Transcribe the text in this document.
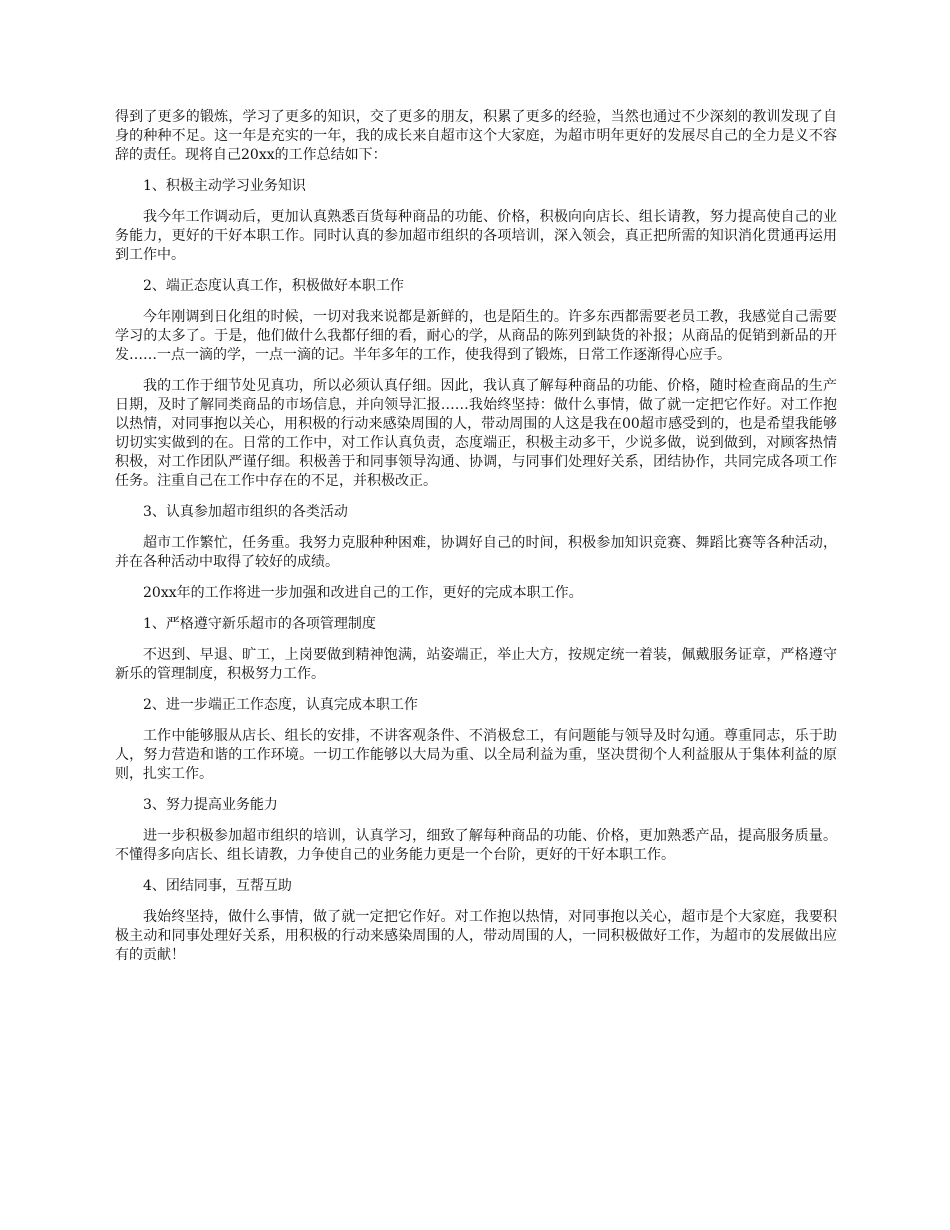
得到了更多的锻炼，学习了更多的知识，交了更多的朋友，积累了更多的经验，当然也通过不少深刻的教训发现了自身的种种不足。这一年是充实的一年，我的成长来自超市这个大家庭，为超市明年更好的发展尽自己的全力是义不容辞的责任。现将自己20xx的工作总结如下：

1、积极主动学习业务知识

我今年工作调动后，更加认真熟悉百货每种商品的功能、价格，积极向向店长、组长请教，努力提高使自己的业务能力，更好的干好本职工作。同时认真的参加超市组织的各项培训，深入领会，真正把所需的知识消化贯通再运用到工作中。

2、端正态度认真工作，积极做好本职工作

今年刚调到日化组的时候，一切对我来说都是新鲜的，也是陌生的。许多东西都需要老员工教，我感觉自己需要学习的太多了。于是，他们做什么我都仔细的看，耐心的学，从商品的陈列到缺货的补报；从商品的促销到新品的开发……一点一滴的学，一点一滴的记。半年多年的工作，使我得到了锻炼，日常工作逐渐得心应手。

我的工作于细节处见真功，所以必须认真仔细。因此，我认真了解每种商品的功能、价格，随时检查商品的生产日期，及时了解同类商品的市场信息，并向领导汇报……我始终坚持：做什么事情，做了就一定把它作好。对工作抱以热情，对同事抱以关心，用积极的行动来感染周围的人，带动周围的人这是我在00超市感受到的，也是希望我能够切切实实做到的在。日常的工作中，对工作认真负责，态度端正，积极主动多干，少说多做，说到做到，对顾客热情积极，对工作团队严谨仔细。积极善于和同事领导沟通、协调，与同事们处理好关系，团结协作，共同完成各项工作任务。注重自己在工作中存在的不足，并积极改正。

3、认真参加超市组织的各类活动

超市工作繁忙，任务重。我努力克服种种困难，协调好自己的时间，积极参加知识竞赛、舞蹈比赛等各种活动，并在各种活动中取得了较好的成绩。

20xx年的工作将进一步加强和改进自己的工作，更好的完成本职工作。

1、严格遵守新乐超市的各项管理制度

不迟到、早退、旷工，上岗要做到精神饱满，站姿端正，举止大方，按规定统一着装，佩戴服务证章，严格遵守新乐的管理制度，积极努力工作。

2、进一步端正工作态度，认真完成本职工作

工作中能够服从店长、组长的安排，不讲客观条件、不消极怠工，有问题能与领导及时勾通。尊重同志，乐于助人，努力营造和谐的工作环境。一切工作能够以大局为重、以全局利益为重，坚决贯彻个人利益服从于集体利益的原则，扎实工作。

3、努力提高业务能力

进一步积极参加超市组织的培训，认真学习，细致了解每种商品的功能、价格，更加熟悉产品，提高服务质量。不懂得多向店长、组长请教，力争使自己的业务能力更是一个台阶，更好的干好本职工作。

4、团结同事，互帮互助

我始终坚持，做什么事情，做了就一定把它作好。对工作抱以热情，对同事抱以关心，超市是个大家庭，我要积极主动和同事处理好关系，用积极的行动来感染周围的人，带动周围的人，一同积极做好工作，为超市的发展做出应有的贡献！
